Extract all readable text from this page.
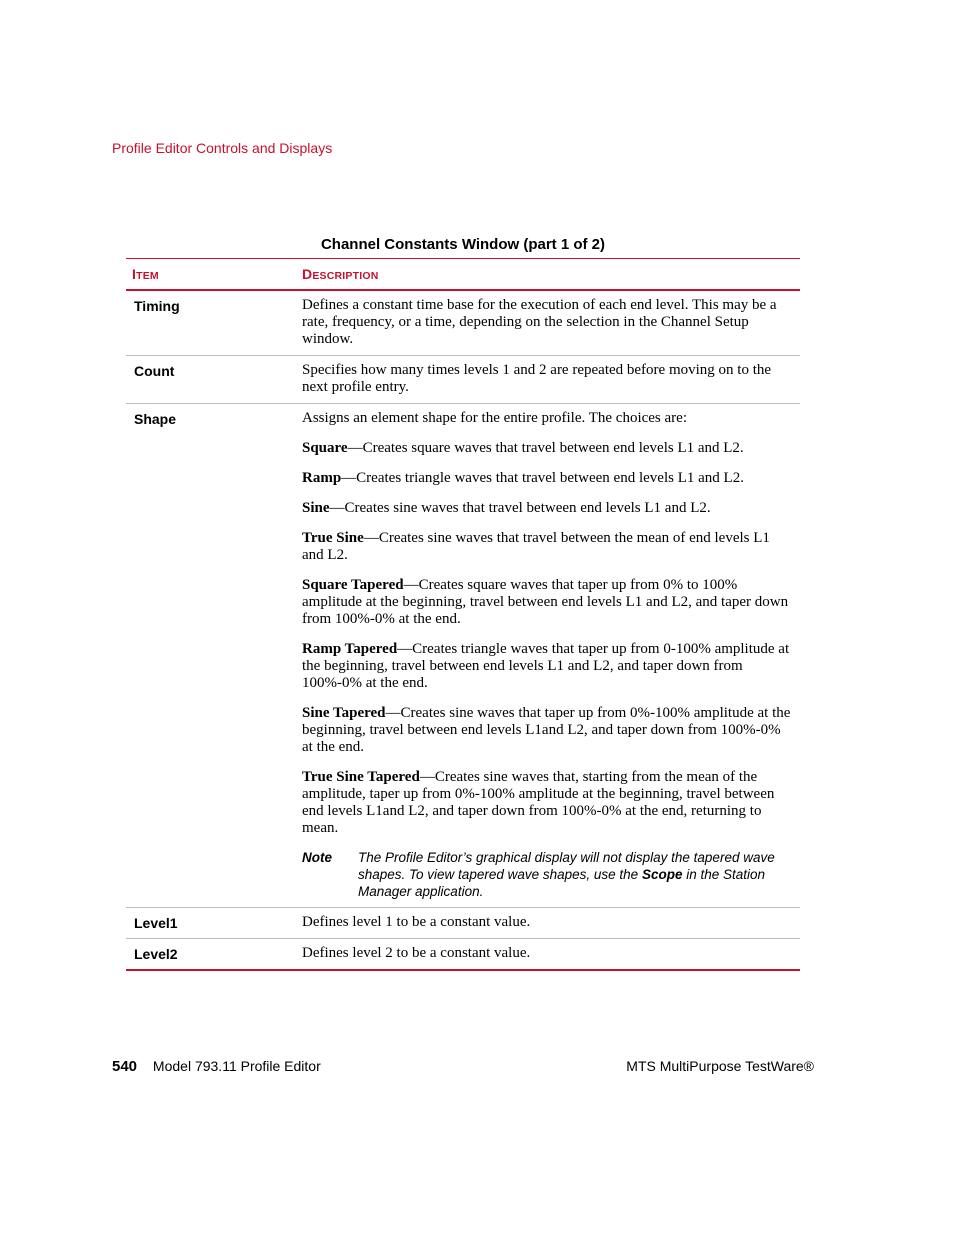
Profile Editor Controls and Displays
Channel Constants Window (part 1 of 2)
ITEM	DESCRIPTION
Timing	Defines a constant time base for the execution of each end level. This may be a rate, frequency, or a time, depending on the selection in the Channel Setup window.

Count	Specifies how many times levels 1 and 2 are repeated before moving on to the next profile entry.

Shape	Assigns an element shape for the entire profile. The choices are:

Square—Creates square waves that travel between end levels L1 and L2.

Ramp—Creates triangle waves that travel between end levels L1 and L2.

Sine—Creates sine waves that travel between end levels L1 and L2.

True Sine—Creates sine waves that travel between the mean of end levels L1 and L2.

Square Tapered—Creates square waves that taper up from 0% to 100% amplitude at the beginning, travel between end levels L1 and L2, and taper down from 100%-0% at the end.

Ramp Tapered—Creates triangle waves that taper up from 0-100% amplitude at the beginning, travel between end levels L1 and L2, and taper down from 100%-0% at the end.

Sine Tapered—Creates sine waves that taper up from 0%-100% amplitude at the beginning, travel between end levels L1and L2, and taper down from 100%-0% at the end.

True Sine Tapered—Creates sine waves that, starting from the mean of the amplitude, taper up from 0%-100% amplitude at the beginning, travel between end levels L1and L2, and taper down from 100%-0% at the end, returning to mean.

Note	The Profile Editor’s graphical display will not display the tapered wave shapes. To view tapered wave shapes, use the Scope in the Station Manager application.
Level1	Defines level 1 to be a constant value.

Level2	Defines level 2 to be a constant value.

540 Model 793.11 Profile Editor	MTS MultiPurpose TestWare®
